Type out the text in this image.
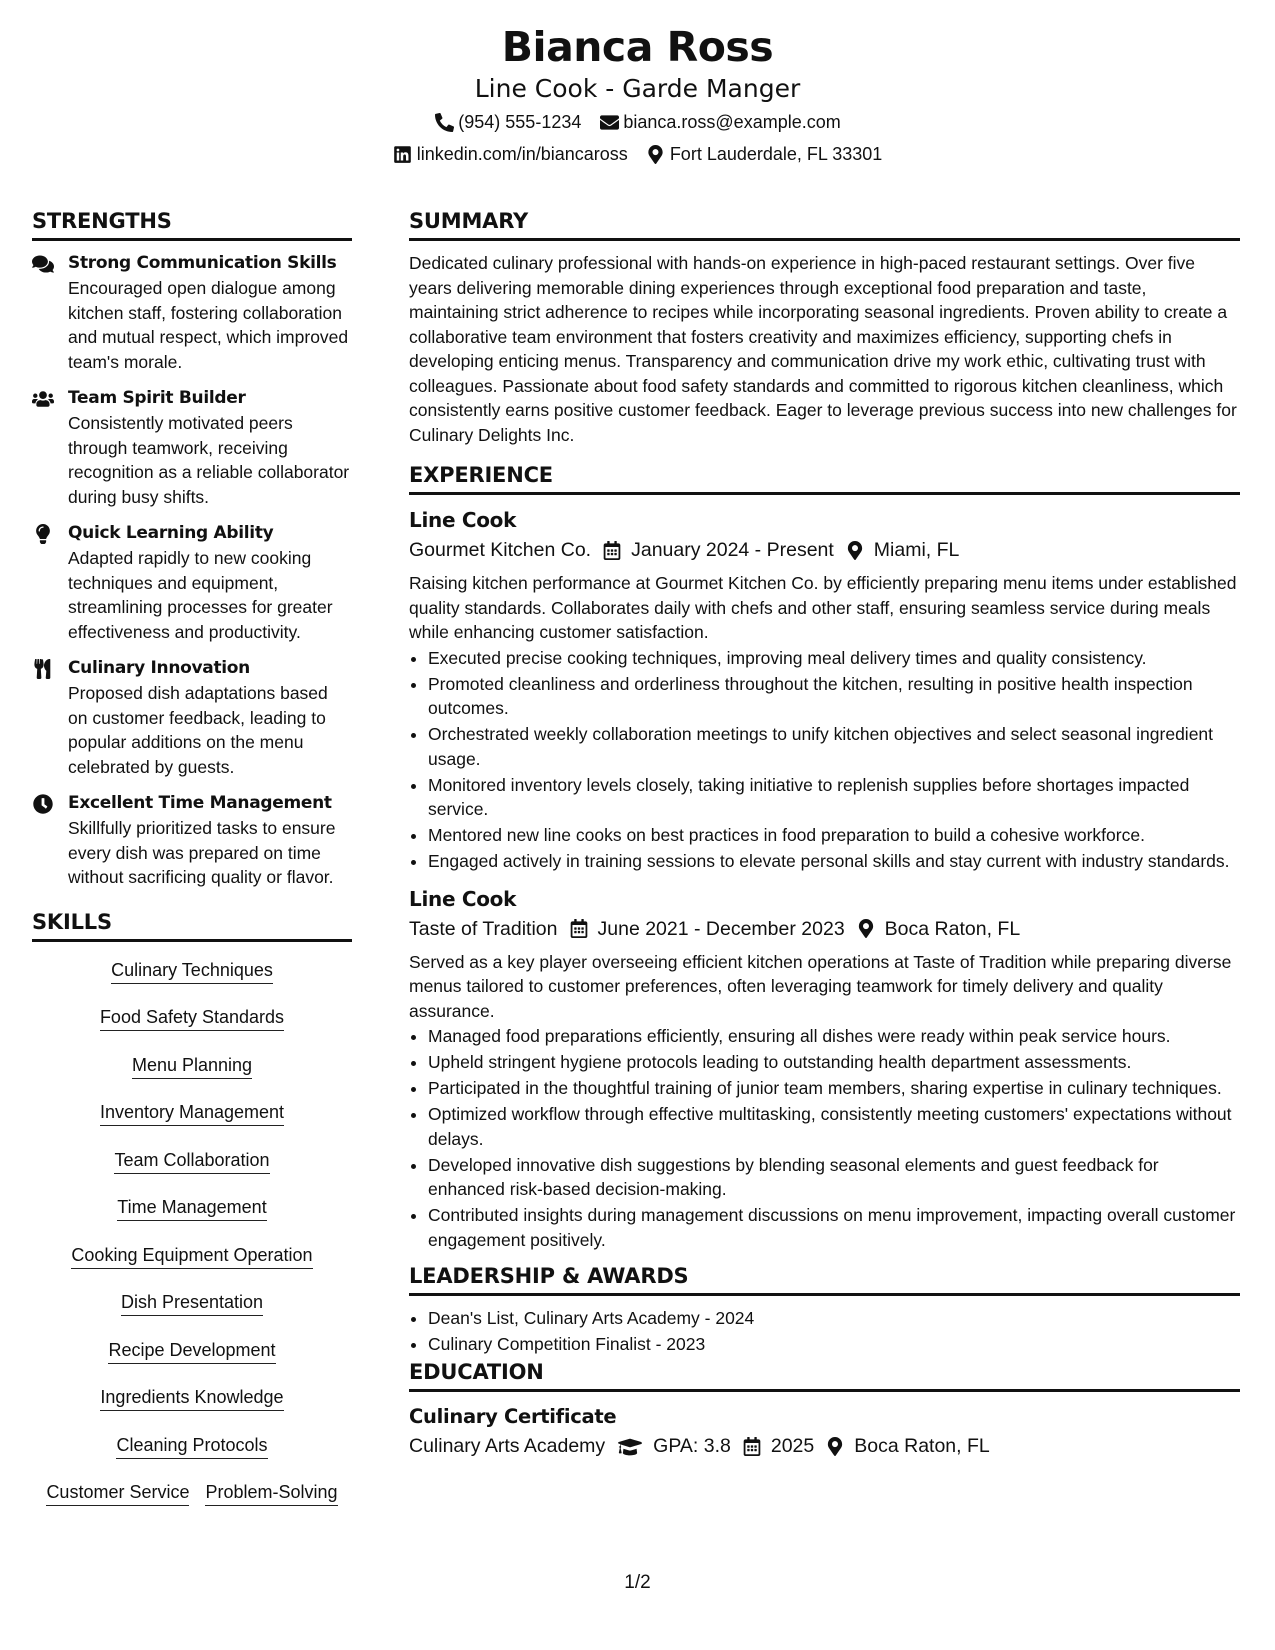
Bianca Ross
Line Cook - Garde Manger
(954) 555-1234 bianca.ross@example.com
linkedin.com/in/biancaross Fort Lauderdale, FL 33301
STRENGTHS
Strong Communication Skills
Encouraged open dialogue among kitchen staff, fostering collaboration and mutual respect, which improved team's morale.
Team Spirit Builder
Consistently motivated peers through teamwork, receiving recognition as a reliable collaborator during busy shifts.
Quick Learning Ability
Adapted rapidly to new cooking techniques and equipment, streamlining processes for greater effectiveness and productivity.
Culinary Innovation
Proposed dish adaptations based on customer feedback, leading to popular additions on the menu celebrated by guests.
Excellent Time Management
Skillfully prioritized tasks to ensure every dish was prepared on time without sacrificing quality or flavor.
SKILLS
Culinary Techniques
Food Safety Standards
Menu Planning
Inventory Management
Team Collaboration
Time Management
Cooking Equipment Operation
Dish Presentation
Recipe Development
Ingredients Knowledge
Cleaning Protocols
Customer Service Problem-Solving
SUMMARY
Dedicated culinary professional with hands-on experience in high-paced restaurant settings. Over five years delivering memorable dining experiences through exceptional food preparation and taste, maintaining strict adherence to recipes while incorporating seasonal ingredients. Proven ability to create a collaborative team environment that fosters creativity and maximizes efficiency, supporting chefs in developing enticing menus. Transparency and communication drive my work ethic, cultivating trust with colleagues. Passionate about food safety standards and committed to rigorous kitchen cleanliness, which consistently earns positive customer feedback. Eager to leverage previous success into new challenges for Culinary Delights Inc.
EXPERIENCE
Line Cook
Gourmet Kitchen Co. January 2024 - Present Miami, FL
Raising kitchen performance at Gourmet Kitchen Co. by efficiently preparing menu items under established quality standards. Collaborates daily with chefs and other staff, ensuring seamless service during meals while enhancing customer satisfaction.
• Executed precise cooking techniques, improving meal delivery times and quality consistency.
• Promoted cleanliness and orderliness throughout the kitchen, resulting in positive health inspection outcomes.
• Orchestrated weekly collaboration meetings to unify kitchen objectives and select seasonal ingredient usage.
• Monitored inventory levels closely, taking initiative to replenish supplies before shortages impacted service.
• Mentored new line cooks on best practices in food preparation to build a cohesive workforce.
• Engaged actively in training sessions to elevate personal skills and stay current with industry standards.
Line Cook
Taste of Tradition June 2021 - December 2023 Boca Raton, FL
Served as a key player overseeing efficient kitchen operations at Taste of Tradition while preparing diverse menus tailored to customer preferences, often leveraging teamwork for timely delivery and quality assurance.
• Managed food preparations efficiently, ensuring all dishes were ready within peak service hours.
• Upheld stringent hygiene protocols leading to outstanding health department assessments.
• Participated in the thoughtful training of junior team members, sharing expertise in culinary techniques.
• Optimized workflow through effective multitasking, consistently meeting customers' expectations without delays.
• Developed innovative dish suggestions by blending seasonal elements and guest feedback for enhanced risk-based decision-making.
• Contributed insights during management discussions on menu improvement, impacting overall customer engagement positively.
LEADERSHIP & AWARDS
• Dean's List, Culinary Arts Academy - 2024
• Culinary Competition Finalist - 2023
EDUCATION
Culinary Certificate
Culinary Arts Academy GPA: 3.8 2025 Boca Raton, FL
1/2
